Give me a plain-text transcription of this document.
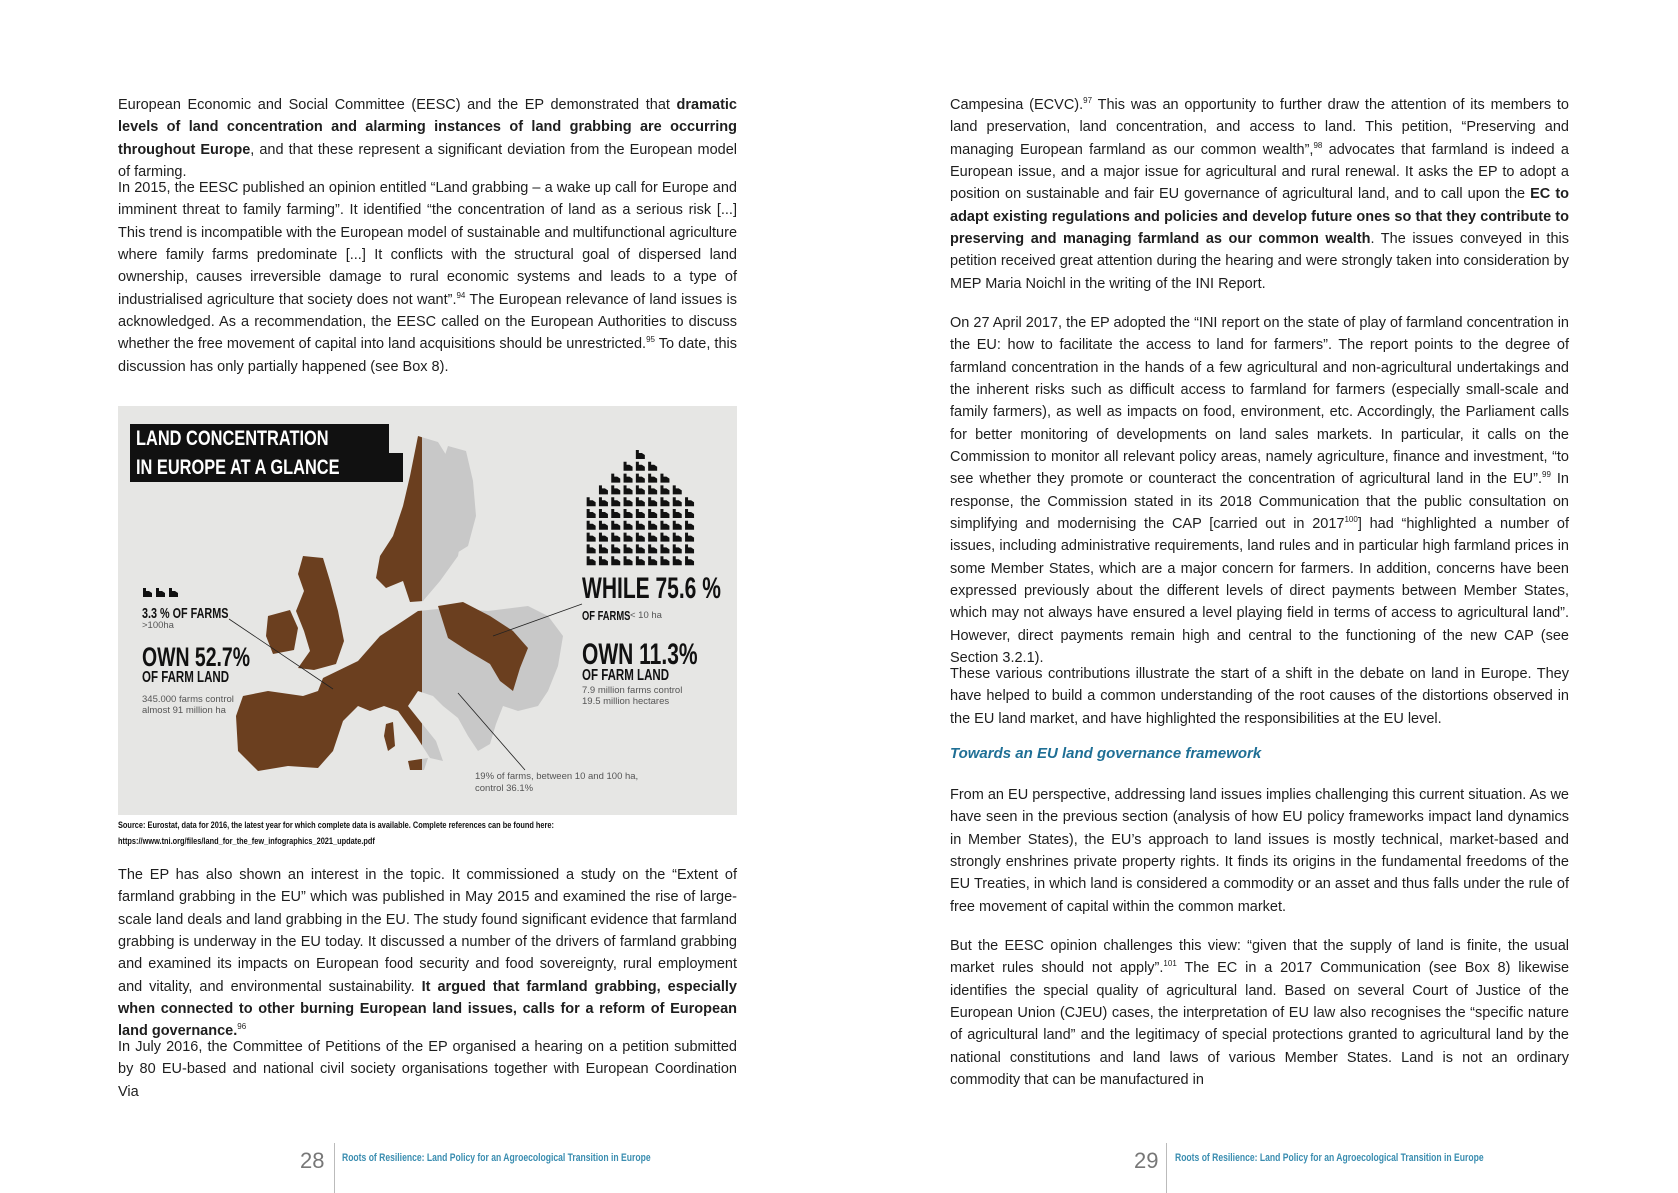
European Economic and Social Committee (EESC) and the EP demonstrated that dramatic levels of land concentration and alarming instances of land grabbing are occurring throughout Europe, and that these represent a significant deviation from the European model of farming.

In 2015, the EESC published an opinion entitled “Land grabbing – a wake up call for Europe and imminent threat to family farming”. It identified “the concentration of land as a serious risk [...] This trend is incompatible with the European model of sustainable and multifunctional agriculture where family farms predominate [...] It conflicts with the structural goal of dispersed land ownership, causes irreversible damage to rural economic systems and leads to a type of industrialised agriculture that society does not want”.$^{94}$ The European relevance of land issues is acknowledged. As a recommendation, the EESC called on the European Authorities to discuss whether the free movement of capital into land acquisitions should be unrestricted.$^{95}$ To date, this discussion has only partially happened (see Box 8).

LAND CONCENTRATION
IN EUROPE AT A GLANCE
3.3 % OF FARMS
>100ha
OWN 52.7%
OF FARM LAND
345.000 farms control
almost 91 million ha
WHILE 75.6 %
OF FARMS < 10 ha
OWN 11.3%
OF FARM LAND
7.9 million farms control
19.5 million hectares
19% of farms, between 10 and 100 ha,
control 36.1%
Source: Eurostat, data for 2016, the latest year for which complete data is available. Complete references can be found here:
https://www.tni.org/files/land_for_the_few_infographics_2021_update.pdf

The EP has also shown an interest in the topic. It commissioned a study on the “Extent of farmland grabbing in the EU” which was published in May 2015 and examined the rise of large-scale land deals and land grabbing in the EU. The study found significant evidence that farmland grabbing is underway in the EU today. It discussed a number of the drivers of farmland grabbing and examined its impacts on European food security and food sovereignty, rural employment and vitality, and environmental sustainability. It argued that farmland grabbing, especially when connected to other burning European land issues, calls for a reform of European land governance.$^{96}$

In July 2016, the Committee of Petitions of the EP organised a hearing on a petition submitted by 80 EU-based and national civil society organisations together with European Coordination Via

28 Roots of Resilience: Land Policy for an Agroecological Transition in Europe

Campesina (ECVC).$^{97}$ This was an opportunity to further draw the attention of its members to land preservation, land concentration, and access to land. This petition, “Preserving and managing European farmland as our common wealth”,$^{98}$ advocates that farmland is indeed a European issue, and a major issue for agricultural and rural renewal. It asks the EP to adopt a position on sustainable and fair EU governance of agricultural land, and to call upon the EC to adapt existing regulations and policies and develop future ones so that they contribute to preserving and managing farmland as our common wealth. The issues conveyed in this petition received great attention during the hearing and were strongly taken into consideration by MEP Maria Noichl in the writing of the INI Report.

On 27 April 2017, the EP adopted the “INI report on the state of play of farmland concentration in the EU: how to facilitate the access to land for farmers”. The report points to the degree of farmland concentration in the hands of a few agricultural and non-agricultural undertakings and the inherent risks such as difficult access to farmland for farmers (especially small-scale and family farmers), as well as impacts on food, environment, etc. Accordingly, the Parliament calls for better monitoring of developments on land sales markets. In particular, it calls on the Commission to monitor all relevant policy areas, namely agriculture, finance and investment, “to see whether they promote or counteract the concentration of agricultural land in the EU”.$^{99}$ In response, the Commission stated in its 2018 Communication that the public consultation on simplifying and modernising the CAP [carried out in 2017$^{100}$] had “highlighted a number of issues, including administrative requirements, land rules and in particular high farmland prices in some Member States, which are a major concern for farmers. In addition, concerns have been expressed previously about the different levels of direct payments between Member States, which may not always have ensured a level playing field in terms of access to agricultural land”. However, direct payments remain high and central to the functioning of the new CAP (see Section 3.2.1).

These various contributions illustrate the start of a shift in the debate on land in Europe. They have helped to build a common understanding of the root causes of the distortions observed in the EU land market, and have highlighted the responsibilities at the EU level.

Towards an EU land governance framework

From an EU perspective, addressing land issues implies challenging this current situation. As we have seen in the previous section (analysis of how EU policy frameworks impact land dynamics in Member States), the EU’s approach to land issues is mostly technical, market-based and strongly enshrines private property rights. It finds its origins in the fundamental freedoms of the EU Treaties, in which land is considered a commodity or an asset and thus falls under the rule of free movement of capital within the common market.

But the EESC opinion challenges this view: “given that the supply of land is finite, the usual market rules should not apply”.$^{101}$ The EC in a 2017 Communication (see Box 8) likewise identifies the special quality of agricultural land. Based on several Court of Justice of the European Union (CJEU) cases, the interpretation of EU law also recognises the “specific nature of agricultural land” and the legitimacy of special protections granted to agricultural land by the national constitutions and land laws of various Member States. Land is not an ordinary commodity that can be manufactured in

29 Roots of Resilience: Land Policy for an Agroecological Transition in Europe
